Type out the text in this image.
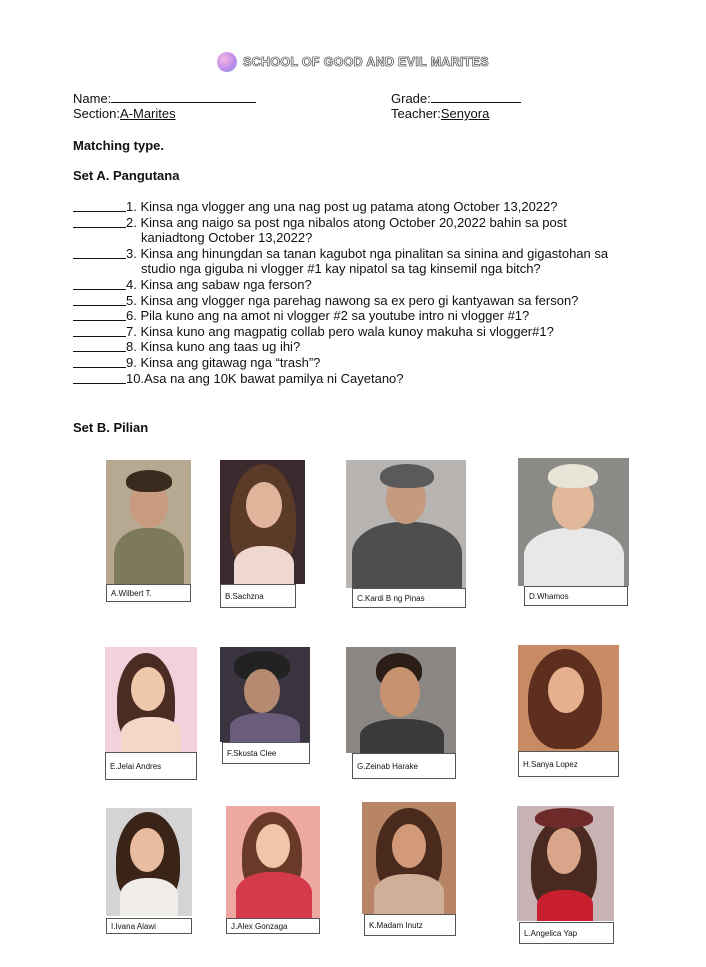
SCHOOL OF GOOD AND EVIL MARITES
Name:	Grade:
Section:A-Marites	Teacher:Senyora
Matching type.
Set A. Pangutana
1. Kinsa nga vlogger ang una nag post ug patama atong October 13,2022?
2. Kinsa ang naigo sa post nga nibalos atong October 20,2022 bahin sa post
kaniadtong October 13,2022?
3. Kinsa ang hinungdan sa tanan kagubot nga pinalitan sa sinina and gigastohan sa
studio nga giguba ni vlogger #1 kay nipatol sa tag kinsemil nga bitch?
4. Kinsa ang sabaw nga ferson?
5. Kinsa ang vlogger nga parehag nawong sa ex pero gi kantyawan sa ferson?
6. Pila kuno ang na amot ni vlogger #2 sa youtube intro ni vlogger #1?
7. Kinsa kuno ang magpatig collab pero wala kunoy makuha si vlogger#1?
8. Kinsa kuno ang taas ug ihi?
9. Kinsa ang gitawag nga “trash”?
10.Asa na ang 10K bawat pamilya ni Cayetano?
Set B. Pilian
A.Wilbert T.	B.Sachzna	C.Kardi B ng Pinas	D.Whamos
E.Jelai Andres
F.Skusta Clee
G.Zeinab Harake	H.Sanya Lopez
I.Ivana Alawi	J.Alex Gonzaga	K.Madam Inutz
L.Angelica Yap
